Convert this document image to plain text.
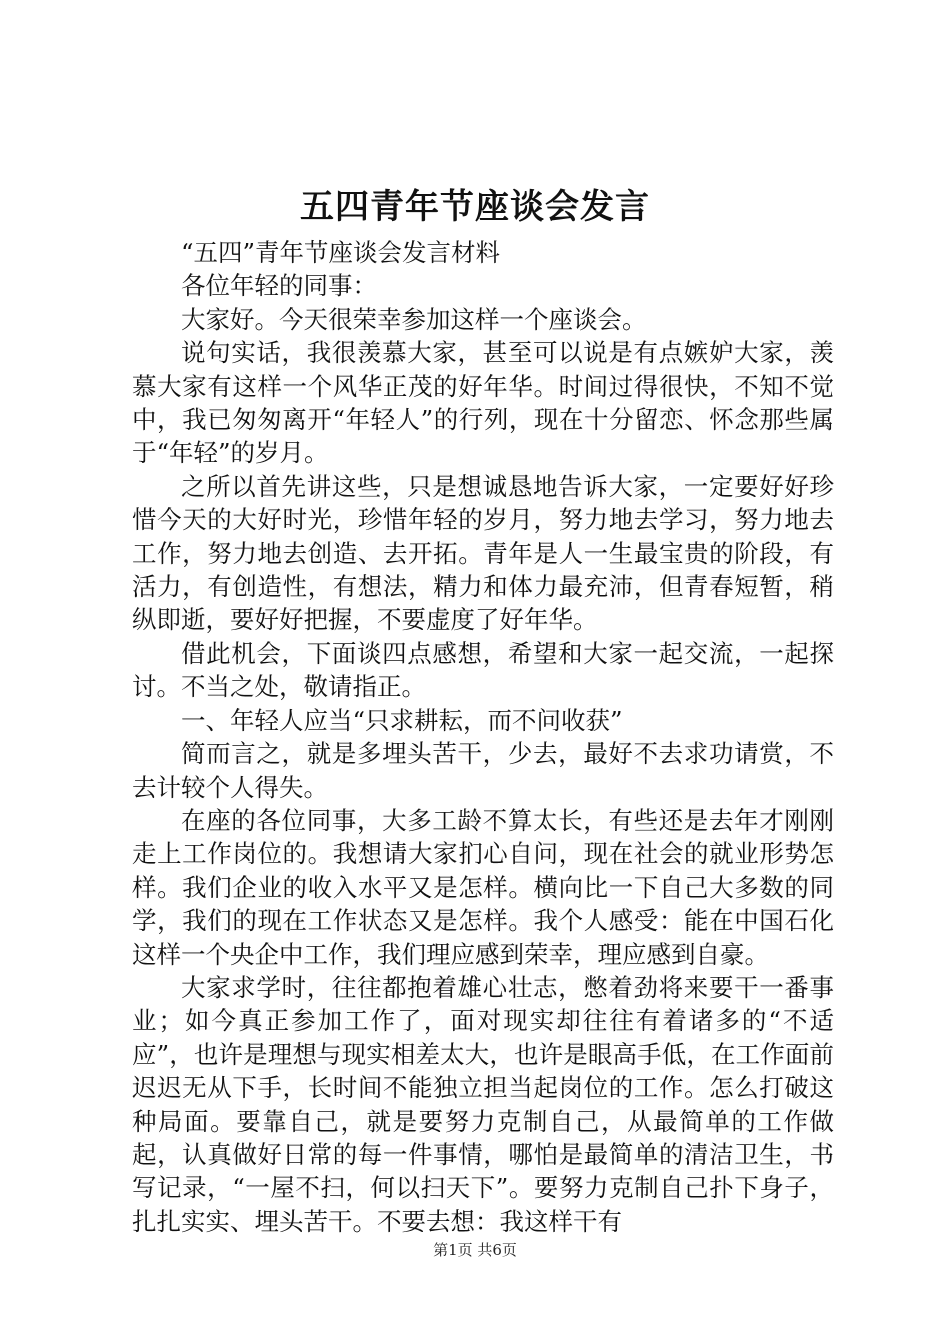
五四青年节座谈会发言

“五四”青年节座谈会发言材料

各位年轻的同事：

大家好。今天很荣幸参加这样一个座谈会。

说句实话，我很羡慕大家，甚至可以说是有点嫉妒大家，羡慕大家有这样一个风华正茂的好年华。时间过得很快，不知不觉中，我已匆匆离开“年轻人”的行列，现在十分留恋、怀念那些属于“年轻”的岁月。

之所以首先讲这些，只是想诚恳地告诉大家，一定要好好珍惜今天的大好时光，珍惜年轻的岁月，努力地去学习，努力地去工作，努力地去创造、去开拓。青年是人一生最宝贵的阶段，有活力，有创造性，有想法，精力和体力最充沛，但青春短暂，稍纵即逝，要好好把握，不要虚度了好年华。

借此机会，下面谈四点感想，希望和大家一起交流，一起探讨。不当之处，敬请指正。

一、年轻人应当“只求耕耘，而不问收获”

简而言之，就是多埋头苦干，少去，最好不去求功请赏，不去计较个人得失。

在座的各位同事，大多工龄不算太长，有些还是去年才刚刚走上工作岗位的。我想请大家扪心自问，现在社会的就业形势怎样。我们企业的收入水平又是怎样。横向比一下自己大多数的同学，我们的现在工作状态又是怎样。我个人感受：能在中国石化这样一个央企中工作，我们理应感到荣幸，理应感到自豪。

大家求学时，往往都抱着雄心壮志，憋着劲将来要干一番事业；如今真正参加工作了，面对现实却往往有着诸多的“不适应”，也许是理想与现实相差太大，也许是眼高手低，在工作面前迟迟无从下手，长时间不能独立担当起岗位的工作。怎么打破这种局面。要靠自己，就是要努力克制自己，从最简单的工作做起，认真做好日常的每一件事情，哪怕是最简单的清洁卫生，书写记录，“一屋不扫，何以扫天下”。要努力克制自己扑下身子，扎扎实实、埋头苦干。不要去想：我这样干有

第1页 共6页
